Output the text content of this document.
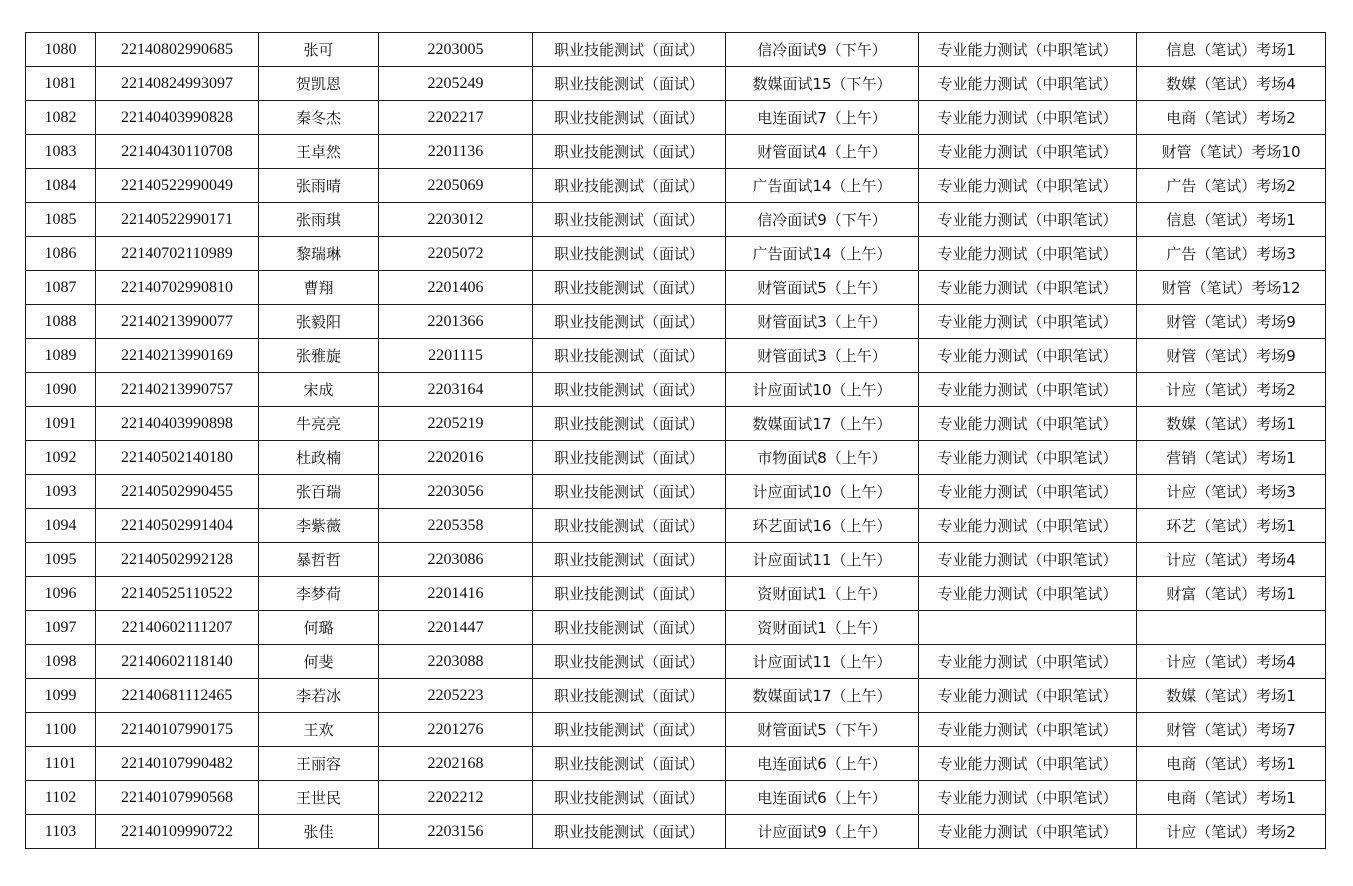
1080	22140802990685	张可	2203005	职业技能测试（面试）	信冷面试9（下午）	专业能力测试（中职笔试）	信息（笔试）考场1
1081	22140824993097	贺凯恩	2205249	职业技能测试（面试）	数媒面试15（下午）	专业能力测试（中职笔试）	数媒（笔试）考场4
1082	22140403990828	秦冬杰	2202217	职业技能测试（面试）	电连面试7（上午）	专业能力测试（中职笔试）	电商（笔试）考场2
1083	22140430110708	王卓然	2201136	职业技能测试（面试）	财管面试4（上午）	专业能力测试（中职笔试）	财管（笔试）考场10
1084	22140522990049	张雨晴	2205069	职业技能测试（面试）	广告面试14（上午）	专业能力测试（中职笔试）	广告（笔试）考场2
1085	22140522990171	张雨琪	2203012	职业技能测试（面试）	信冷面试9（下午）	专业能力测试（中职笔试）	信息（笔试）考场1
1086	22140702110989	黎瑞琳	2205072	职业技能测试（面试）	广告面试14（上午）	专业能力测试（中职笔试）	广告（笔试）考场3
1087	22140702990810	曹翔	2201406	职业技能测试（面试）	财管面试5（上午）	专业能力测试（中职笔试）	财管（笔试）考场12
1088	22140213990077	张毅阳	2201366	职业技能测试（面试）	财管面试3（上午）	专业能力测试（中职笔试）	财管（笔试）考场9
1089	22140213990169	张雅旋	2201115	职业技能测试（面试）	财管面试3（上午）	专业能力测试（中职笔试）	财管（笔试）考场9
1090	22140213990757	宋成	2203164	职业技能测试（面试）	计应面试10（上午）	专业能力测试（中职笔试）	计应（笔试）考场2
1091	22140403990898	牛亮亮	2205219	职业技能测试（面试）	数媒面试17（上午）	专业能力测试（中职笔试）	数媒（笔试）考场1
1092	22140502140180	杜政楠	2202016	职业技能测试（面试）	市物面试8（上午）	专业能力测试（中职笔试）	营销（笔试）考场1
1093	22140502990455	张百瑞	2203056	职业技能测试（面试）	计应面试10（上午）	专业能力测试（中职笔试）	计应（笔试）考场3
1094	22140502991404	李紫薇	2205358	职业技能测试（面试）	环艺面试16（上午）	专业能力测试（中职笔试）	环艺（笔试）考场1
1095	22140502992128	暴哲哲	2203086	职业技能测试（面试）	计应面试11（上午）	专业能力测试（中职笔试）	计应（笔试）考场4
1096	22140525110522	李梦荷	2201416	职业技能测试（面试）	资财面试1（上午）	专业能力测试（中职笔试）	财富（笔试）考场1
1097	22140602111207	何璐	2201447	职业技能测试（面试）	资财面试1（上午）		
1098	22140602118140	何斐	2203088	职业技能测试（面试）	计应面试11（上午）	专业能力测试（中职笔试）	计应（笔试）考场4
1099	22140681112465	李若冰	2205223	职业技能测试（面试）	数媒面试17（上午）	专业能力测试（中职笔试）	数媒（笔试）考场1
1100	22140107990175	王欢	2201276	职业技能测试（面试）	财管面试5（下午）	专业能力测试（中职笔试）	财管（笔试）考场7
1101	22140107990482	王丽容	2202168	职业技能测试（面试）	电连面试6（上午）	专业能力测试（中职笔试）	电商（笔试）考场1
1102	22140107990568	王世民	2202212	职业技能测试（面试）	电连面试6（上午）	专业能力测试（中职笔试）	电商（笔试）考场1
1103	22140109990722	张佳	2203156	职业技能测试（面试）	计应面试9（上午）	专业能力测试（中职笔试）	计应（笔试）考场2
